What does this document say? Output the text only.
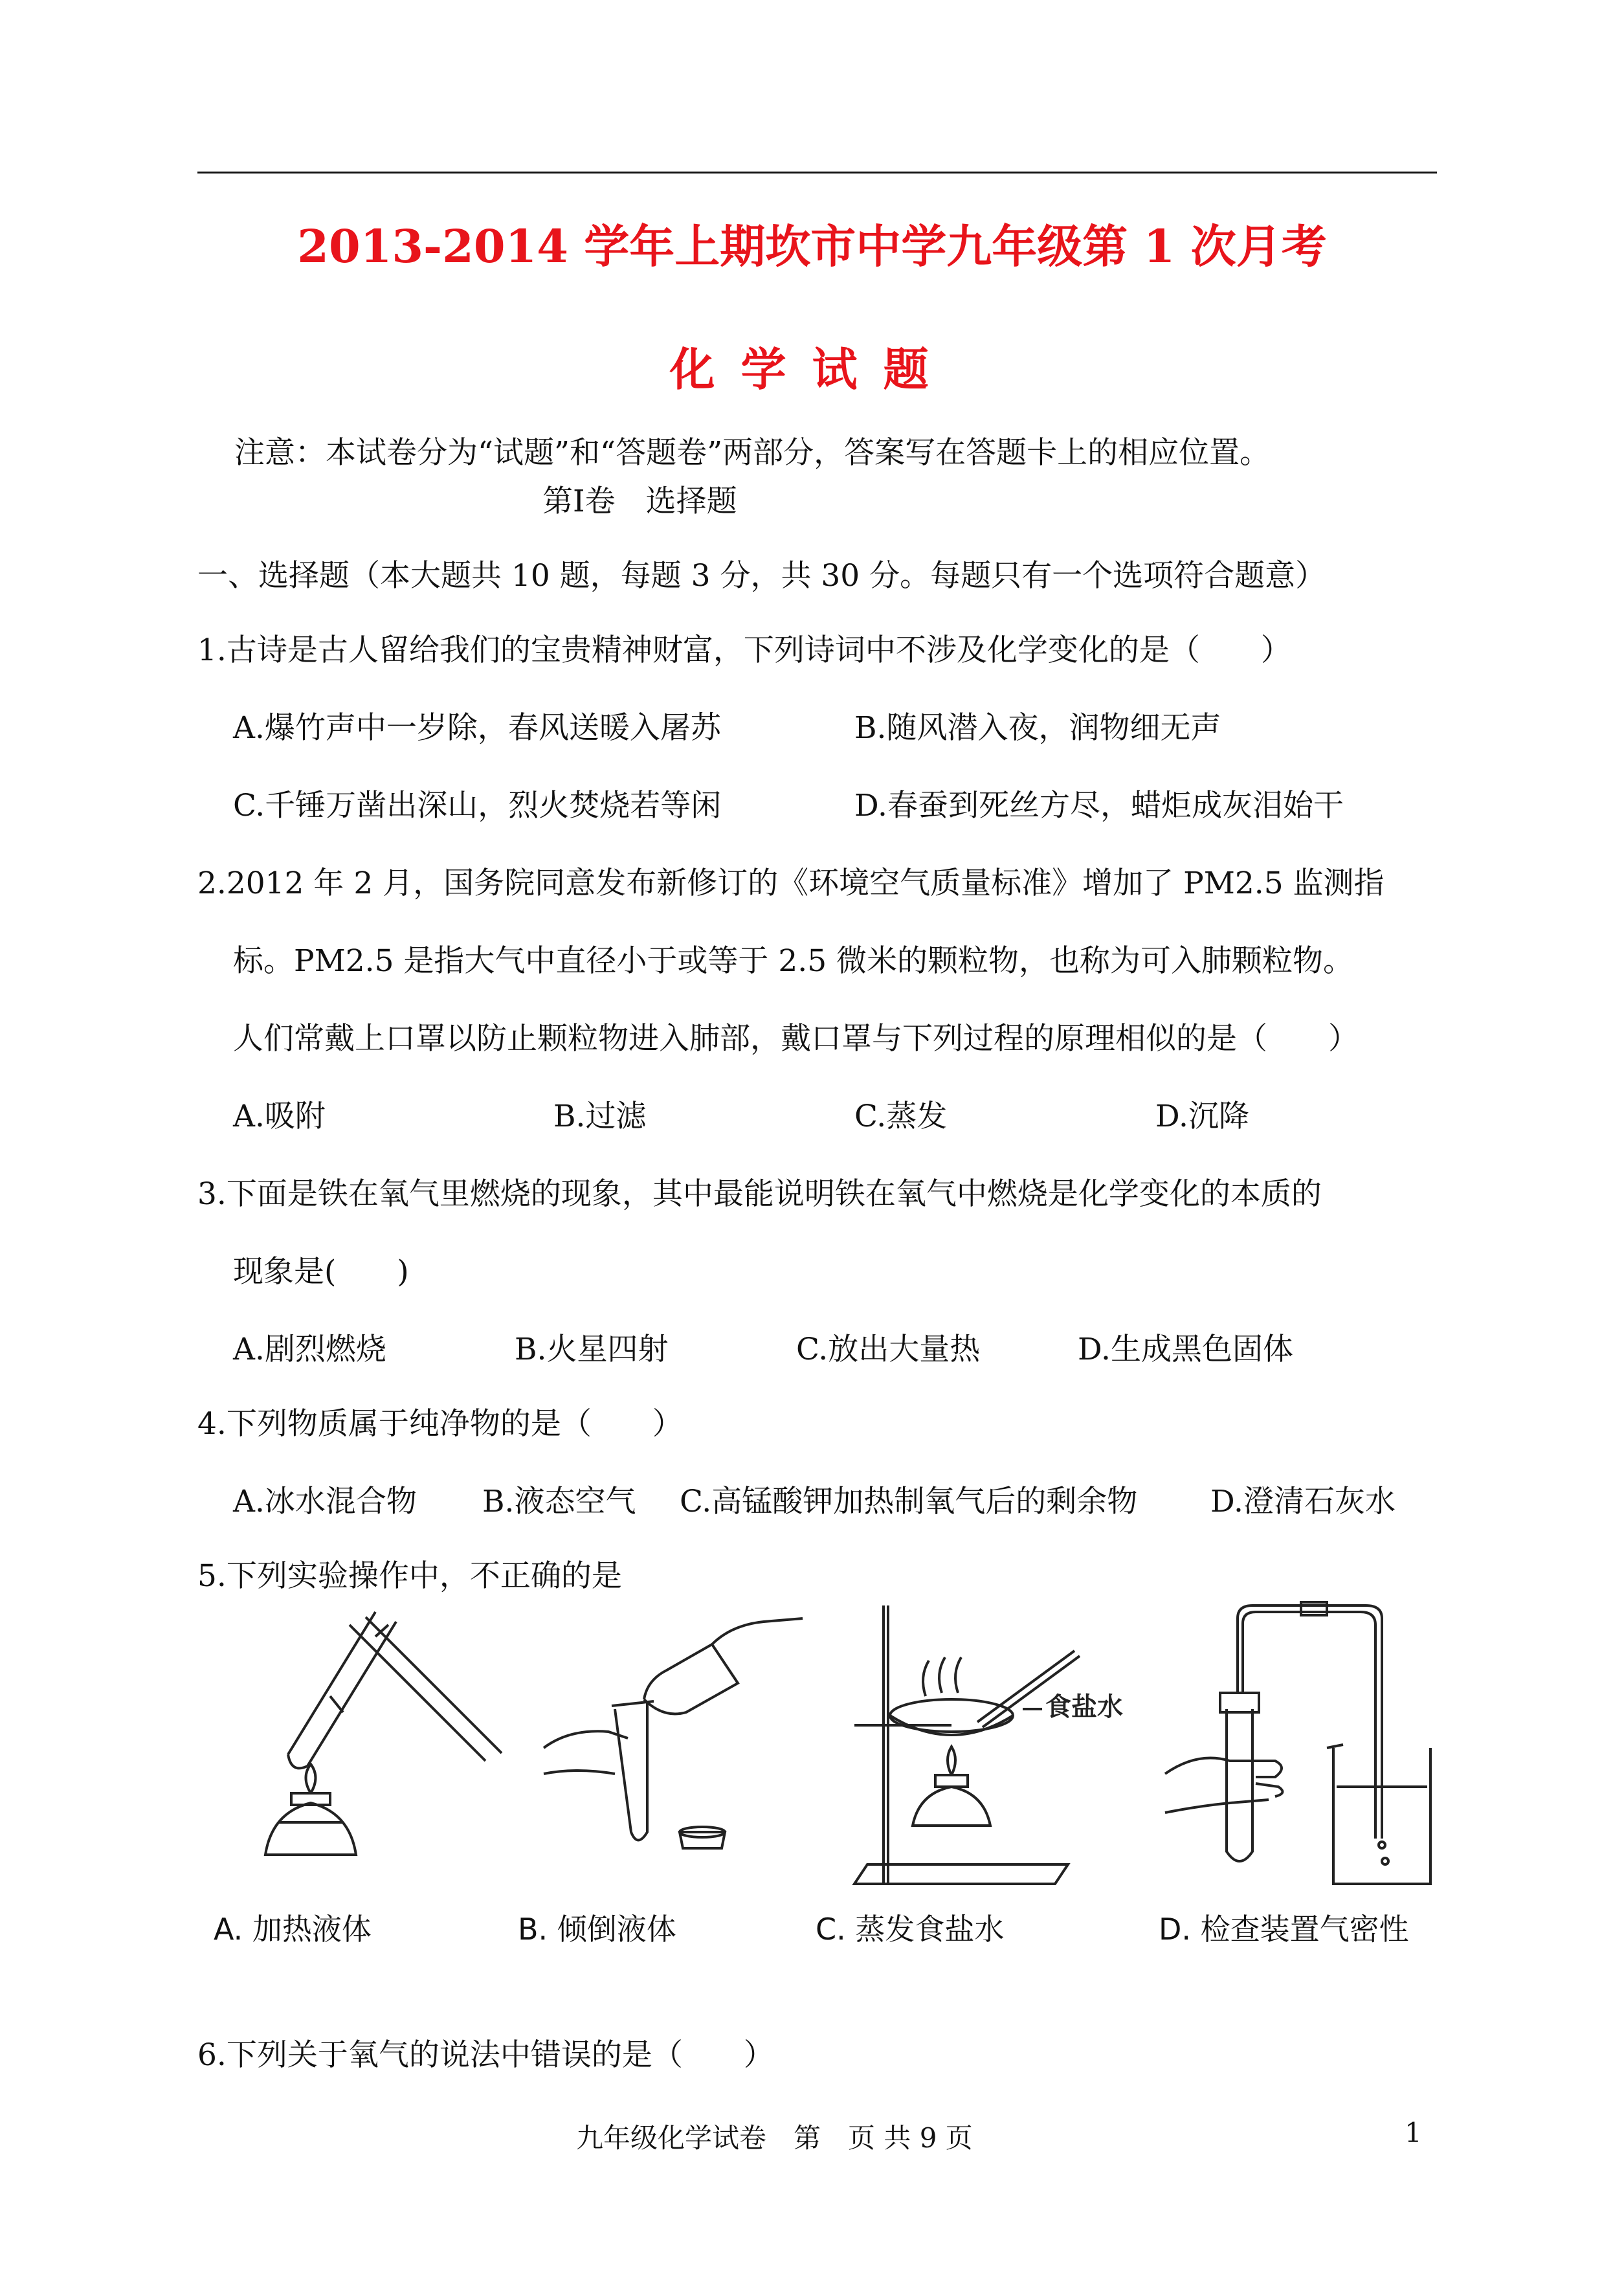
2013-2014 学年上期坎市中学九年级第 1 次月考
化学试题
注意：本试卷分为“试题”和“答题卷”两部分，答案写在答题卡上的相应位置。
第Ⅰ卷　选择题
一、选择题（本大题共 10 题，每题 3 分，共 30 分。每题只有一个选项符合题意）
1.古诗是古人留给我们的宝贵精神财富，下列诗词中不涉及化学变化的是（　　）
A.爆竹声中一岁除，春风送暖入屠苏	B.随风潜入夜，润物细无声
C.千锤万凿出深山，烈火焚烧若等闲	D.春蚕到死丝方尽，蜡炬成灰泪始干
2.2012 年 2 月，国务院同意发布新修订的《环境空气质量标准》增加了 PM2.5 监测指
标。PM2.5 是指大气中直径小于或等于 2.5 微米的颗粒物，也称为可入肺颗粒物。
人们常戴上口罩以防止颗粒物进入肺部，戴口罩与下列过程的原理相似的是（　　）
A.吸附	B.过滤	C.蒸发	D.沉降
3.下面是铁在氧气里燃烧的现象，其中最能说明铁在氧气中燃烧是化学变化的本质的
现象是(　　)
A.剧烈燃烧	B.火星四射	C.放出大量热	D.生成黑色固体
4.下列物质属于纯净物的是（　　）
A.冰水混合物 B.液态空气 C.高锰酸钾加热制氧气后的剩余物 D.澄清石灰水
5.下列实验操作中，不正确的是
A. 加热液体	B. 倾倒液体
食盐水
C. 蒸发食盐水	D. 检查装置气密性
6.下列关于氧气的说法中错误的是（　　）
九年级化学试卷　第　页 共 9 页	1
